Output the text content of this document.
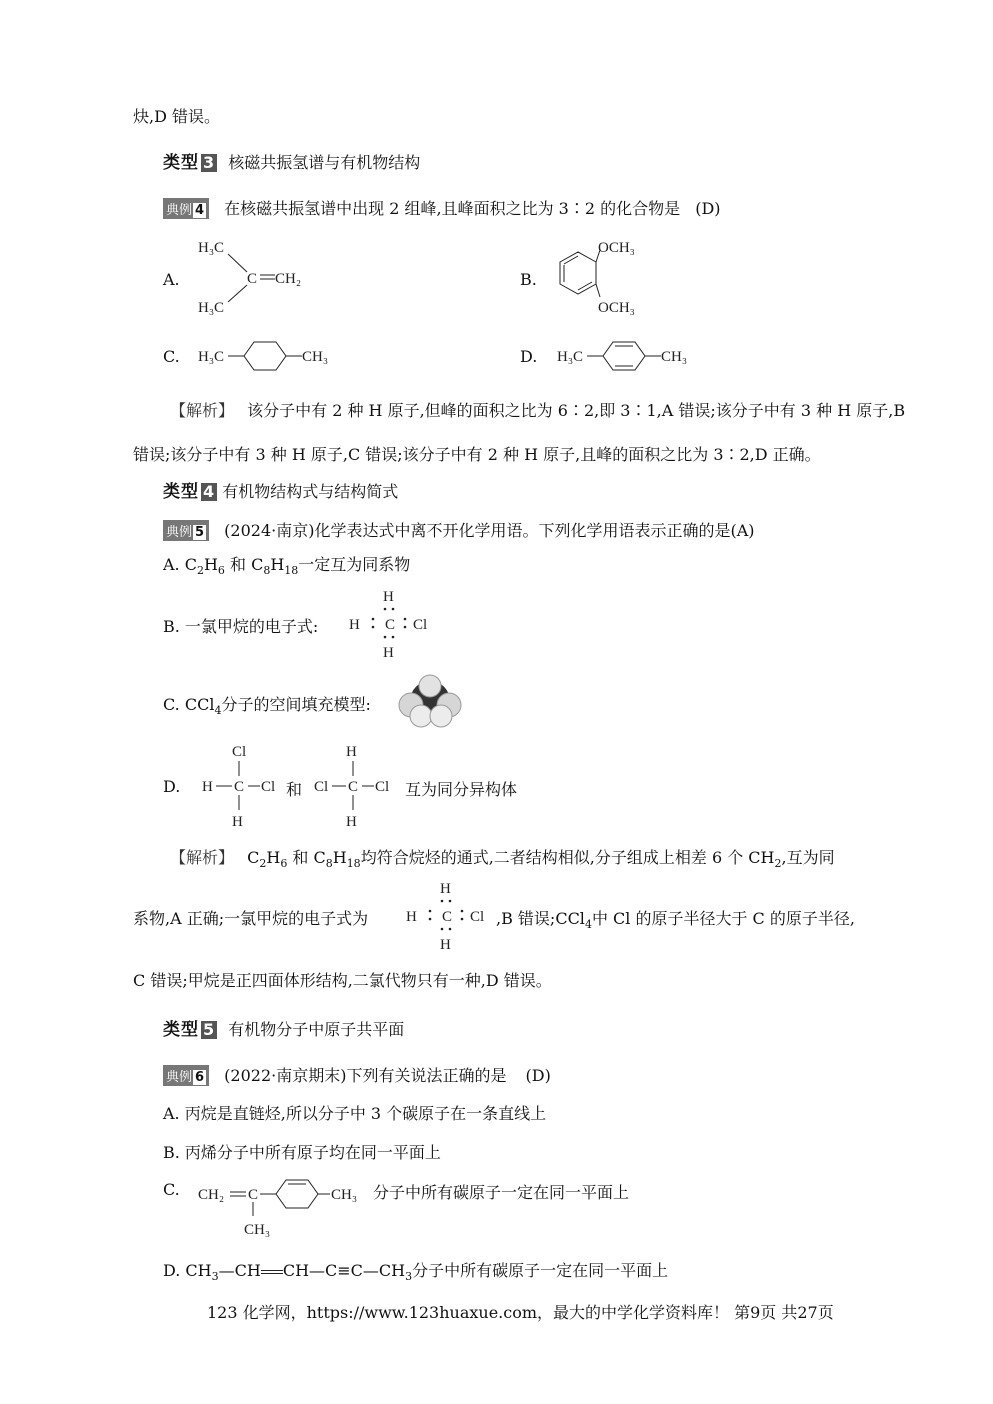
炔,D 错误。
类型 3 核磁共振氢谱与有机物结构
典例 4 在核磁共振氢谱中出现 2 组峰,且峰面积之比为 3∶2 的化合物是 (D)
A.	B.
C.	D.
H₃C
C CH₂
H₃C
OCH₃
OCH₃
H₃C	CH₃	H₃C	CH₃
【解析】 该分子中有 2 种 H 原子,但峰的面积之比为 6∶2,即 3∶1,A 错误;该分子中有 3 种 H 原子,B
错误;该分子中有 3 种 H 原子,C 错误;该分子中有 2 种 H 原子,且峰的面积之比为 3∶2,D 正确。
类型 4 有机物结构式与结构简式
典例 5 (2024·南京)化学表达式中离不开化学用语。下列化学用语表示正确的是(A)
A. $C_2H_6$ 和 $C_8H_{18}$一定互为同系物
B. 一氯甲烷的电子式:
H
H C Cl
H
C. CCl$_4$分子的空间填充模型:
D.
Cl
H C Cl
H
和
H
Cl C Cl
H
互为同分异构体
【解析】 $C_2H_6$ 和 $C_8H_{18}$均符合烷烃的通式,二者结构相似,分子组成上相差 6 个 $CH_2$,互为同
系物,A 正确;一氯甲烷的电子式为
H
H C Cl
H
,B 错误;CCl$_4$中 Cl 的原子半径大于 C 的原子半径,
C 错误;甲烷是正四面体形结构,二氯代物只有一种,D 错误。
类型 5 有机物分子中原子共平面
典例 6 (2022·南京期末)下列有关说法正确的是 (D)
A. 丙烷是直链烃,所以分子中 3 个碳原子在一条直线上
B. 丙烯分子中所有原子均在同一平面上
C. CH₂ C	CH₃
CH₃
分子中所有碳原子一定在同一平面上
D. $CH_3—CH$ $CH—C\equiv C—CH_3$分子中所有碳原子一定在同一平面上
123 化学网，https://www.123huaxue.com，最大的中学化学资料库！ 第9页 共27页
